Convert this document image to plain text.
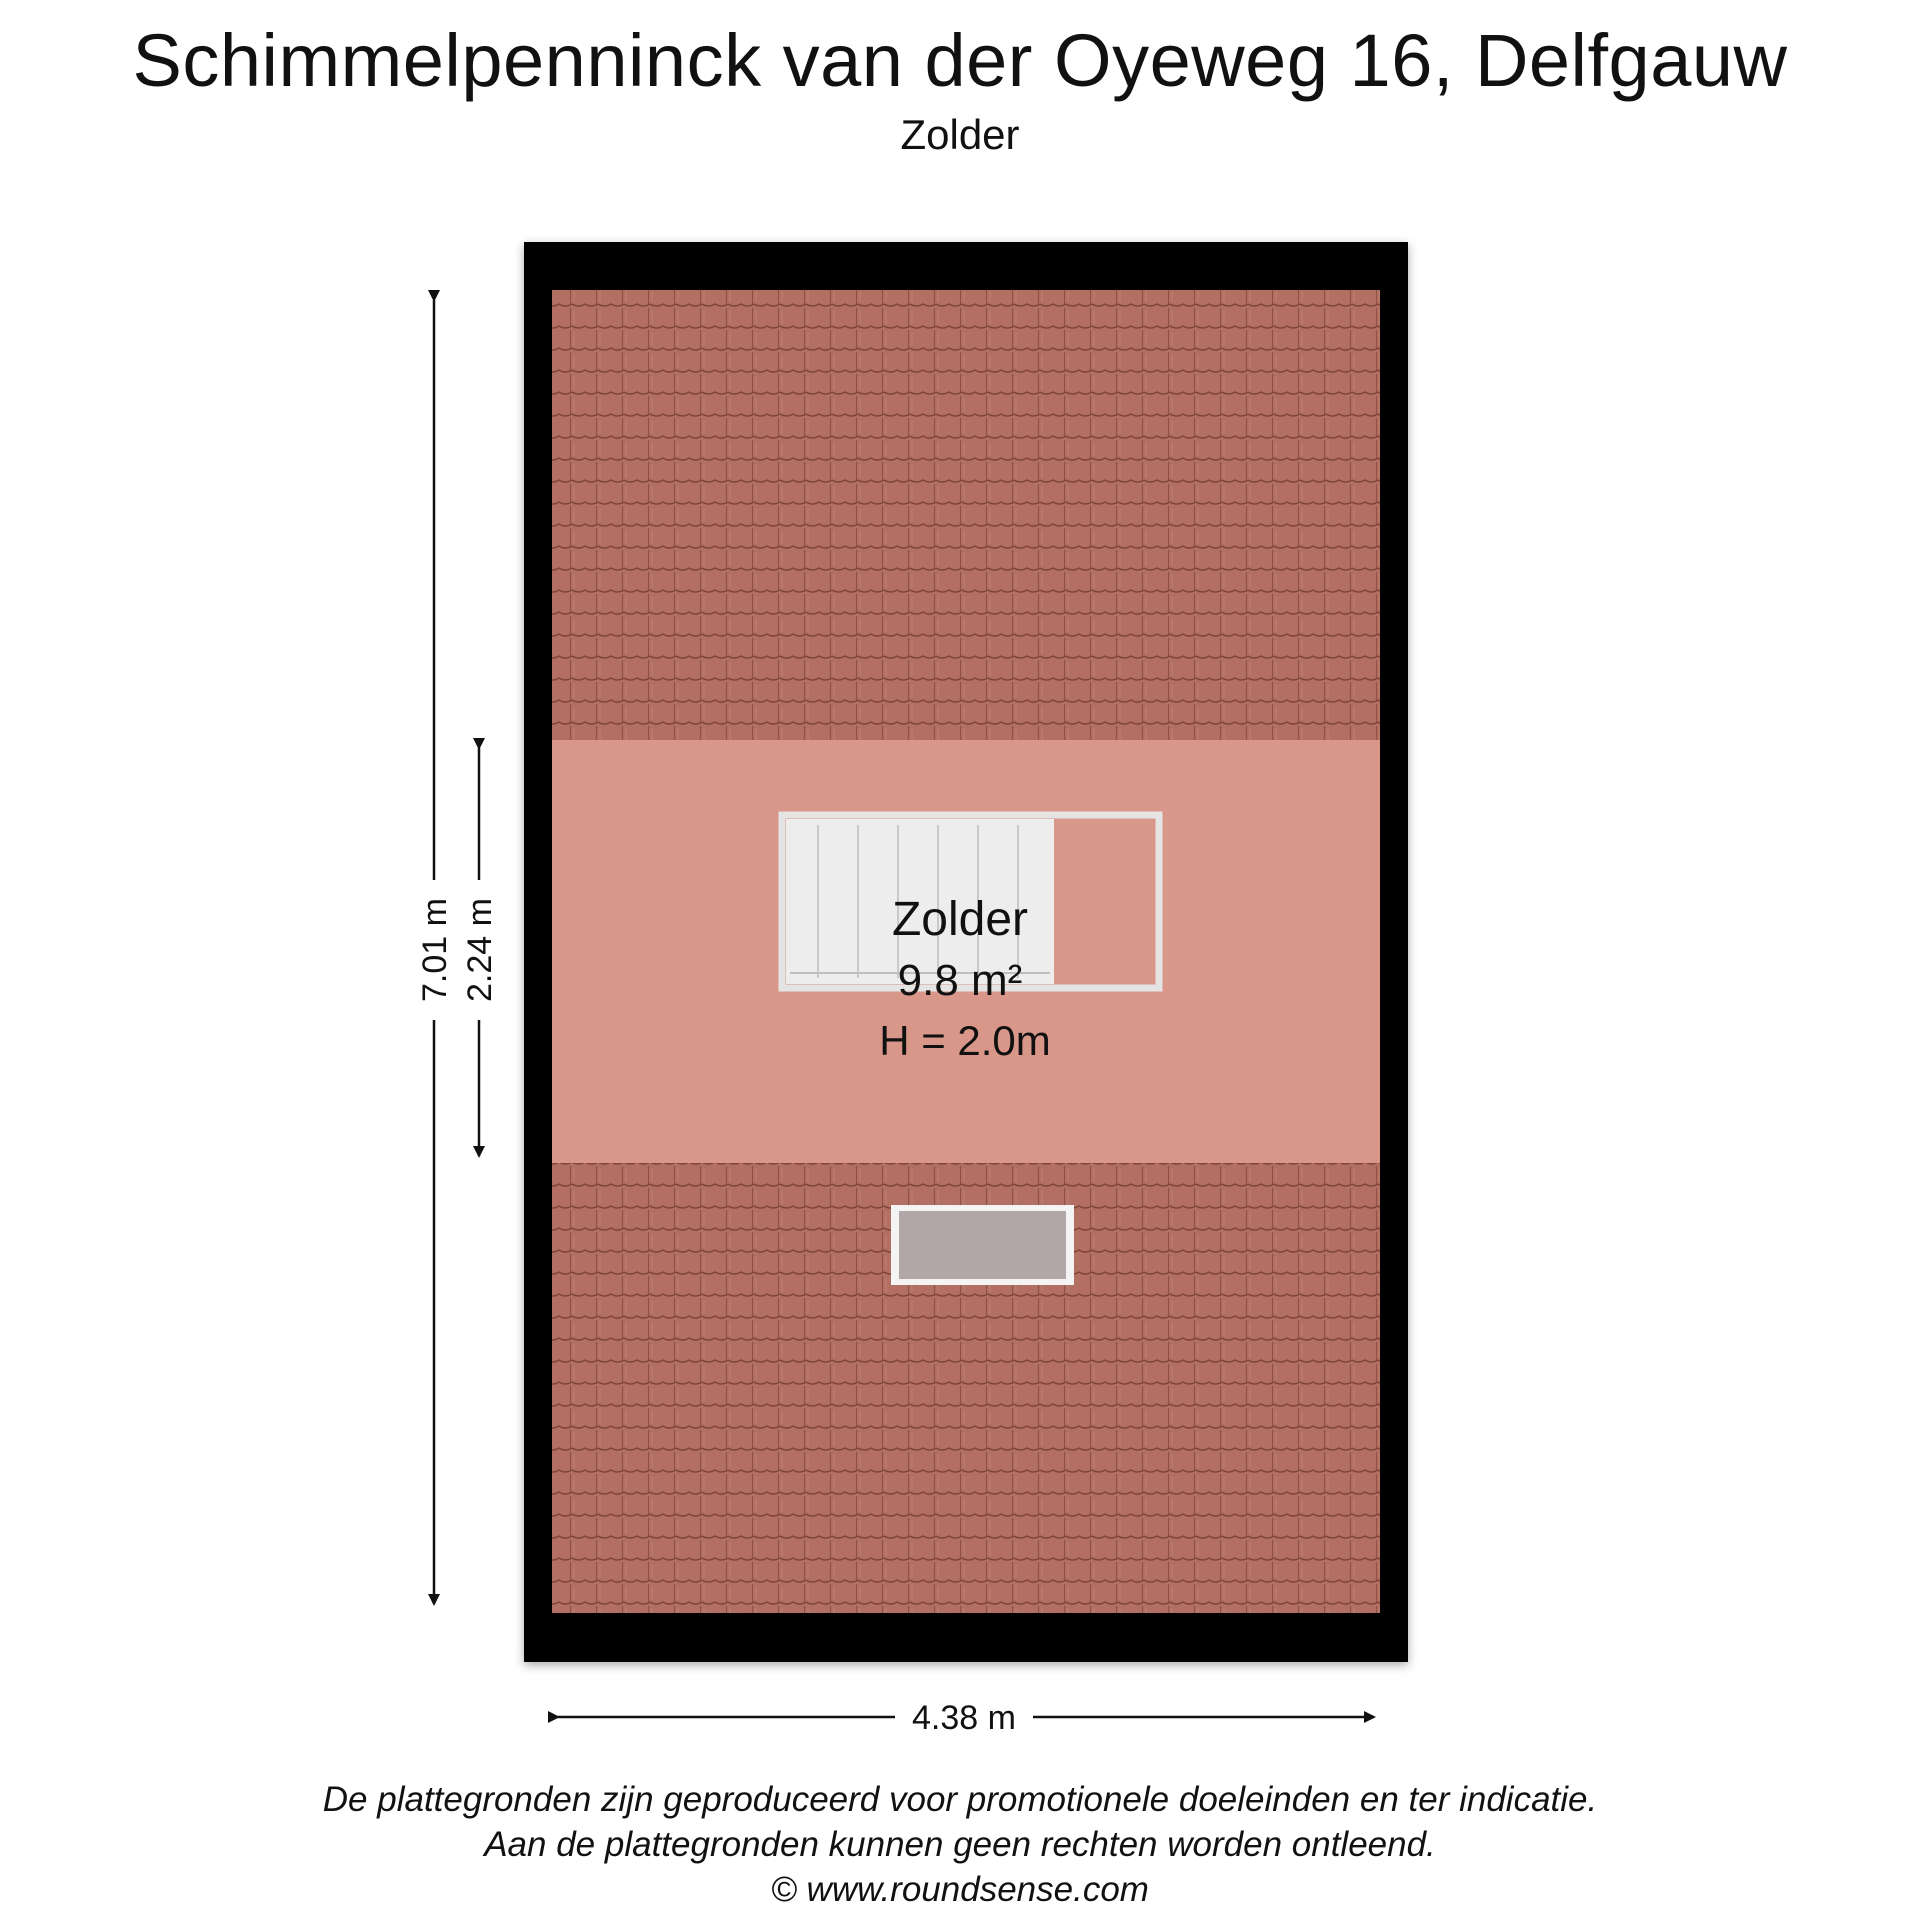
Schimmelpenninck van der Oyeweg 16, Delfgauw
Zolder
Zolder
9.8 m²
H = 2.0m
7.01 m 2.24 m
4.38 m
De plattegronden zijn geproduceerd voor promotionele doeleinden en ter indicatie.
Aan de plattegronden kunnen geen rechten worden ontleend.
© www.roundsense.com
